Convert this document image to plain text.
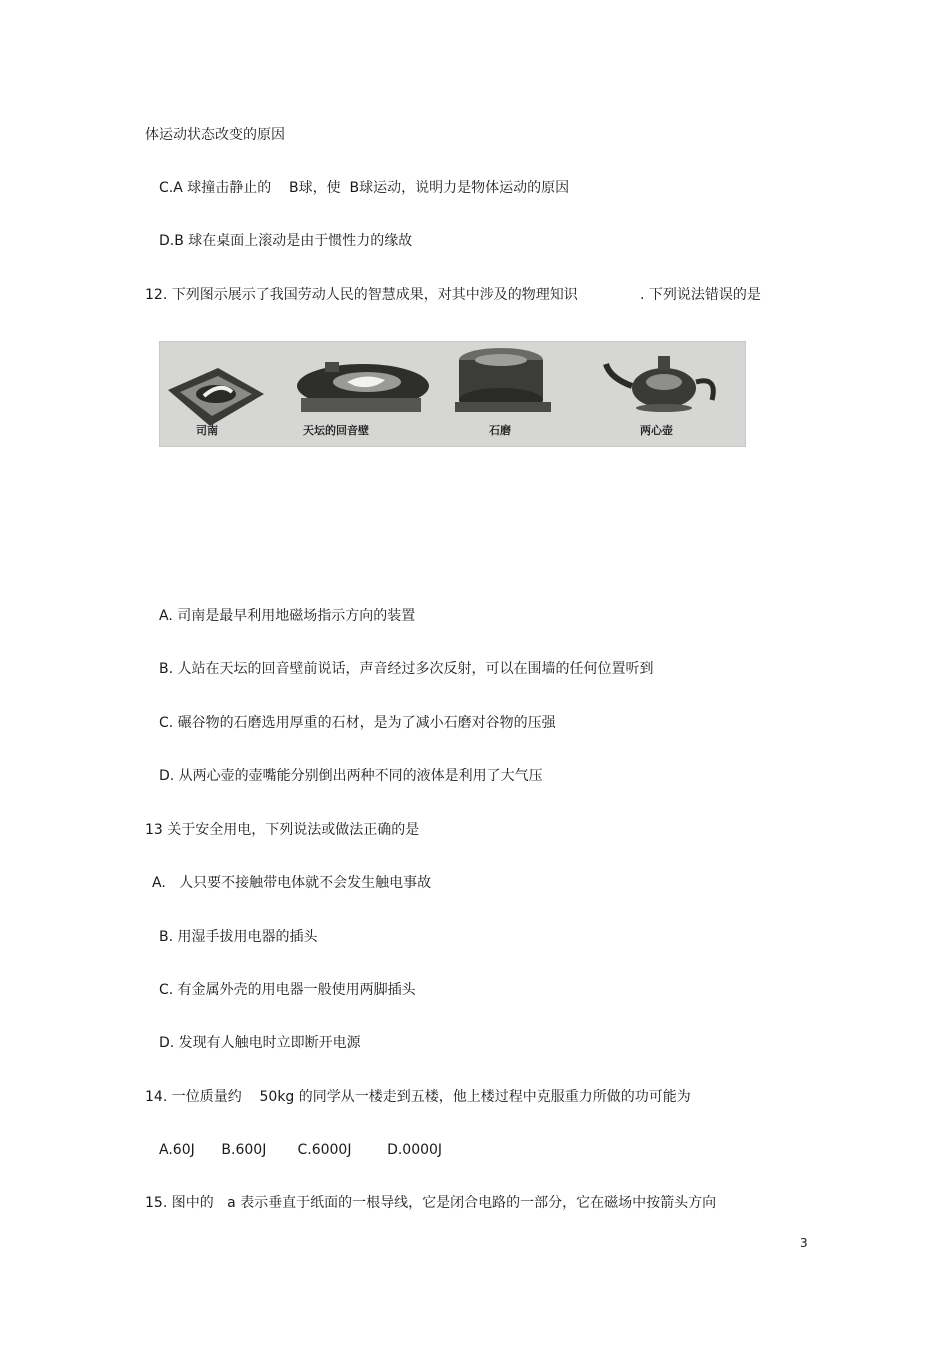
体运动状态改变的原因
C.A 球撞击静止的    B球，使  B球运动，说明力是物体运动的原因
D.B 球在桌面上滚动是由于惯性力的缘故
12. 下列图示展示了我国劳动人民的智慧成果，对其中涉及的物理知识              . 下列说法错误的是
司南	天坛的回音壁	石磨	两心壶
A. 司南是最早利用地磁场指示方向的装置
B. 人站在天坛的回音壁前说话，声音经过多次反射，可以在围墙的任何位置听到
C. 碾谷物的石磨选用厚重的石材，是为了减小石磨对谷物的压强
D. 从两心壶的壶嘴能分别倒出两种不同的液体是利用了大气压
13 关于安全用电，下列说法或做法正确的是
A.   人只要不接触带电体就不会发生触电事故
B. 用湿手拔用电器的插头
C. 有金属外壳的用电器一般使用两脚插头
D. 发现有人触电时立即断开电源
14. 一位质量约    50kg 的同学从一楼走到五楼，他上楼过程中克服重力所做的功可能为
A.60J      B.600J       C.6000J        D.0000J
15. 图中的   a 表示垂直于纸面的一根导线，它是闭合电路的一部分，它在磁场中按箭头方向
3
